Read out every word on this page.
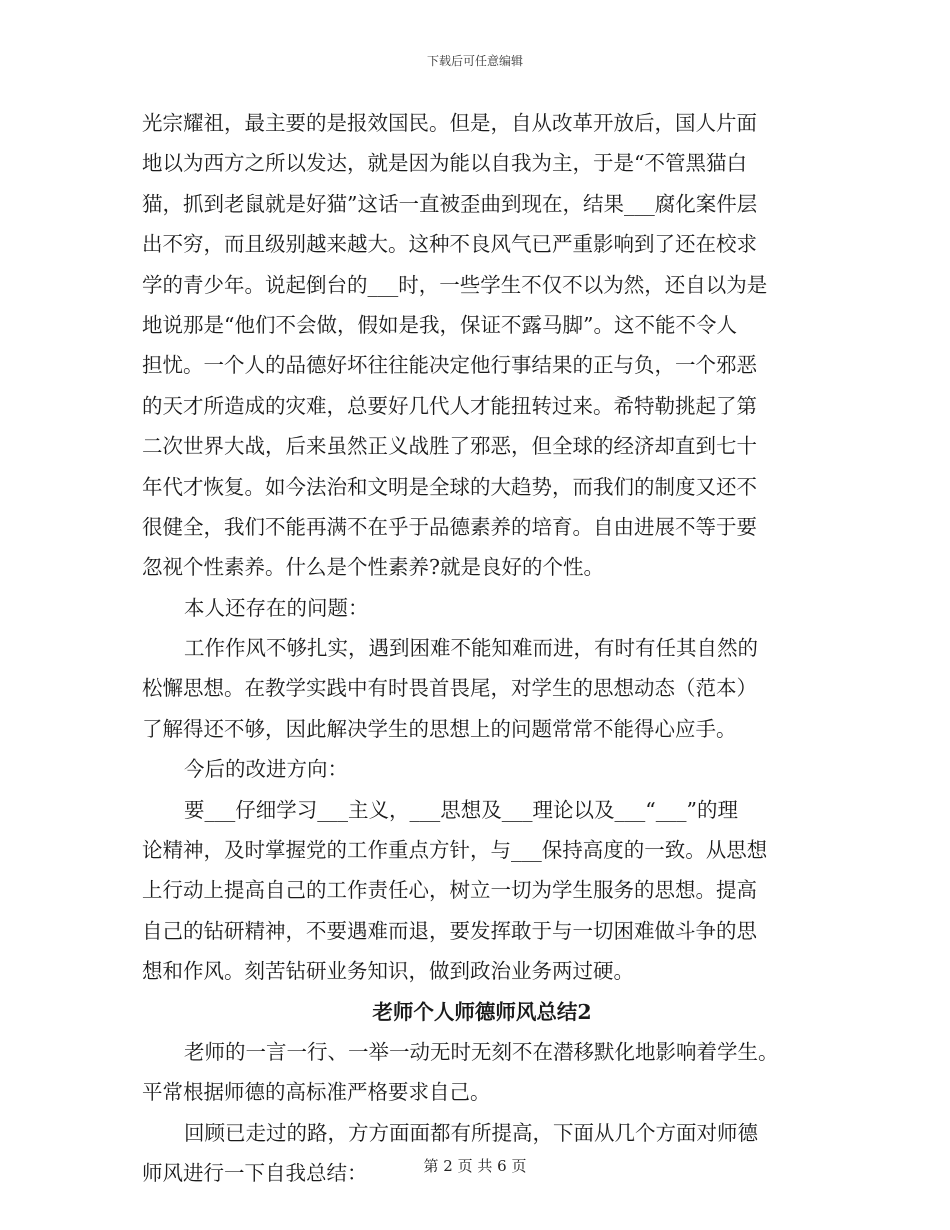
下载后可任意编辑

光宗耀祖，最主要的是报效国民。但是，自从改革开放后，国人片面
地以为西方之所以发达，就是因为能以自我为主，于是“不管黑猫白
猫，抓到老鼠就是好猫”这话一直被歪曲到现在，结果___腐化案件层
出不穷，而且级别越来越大。这种不良风气已严重影响到了还在校求
学的青少年。说起倒台的___时，一些学生不仅不以为然，还自以为是
地说那是“他们不会做，假如是我，保证不露马脚”。这不能不令人
担忧。一个人的品德好坏往往能决定他行事结果的正与负，一个邪恶
的天才所造成的灾难，总要好几代人才能扭转过来。希特勒挑起了第
二次世界大战，后来虽然正义战胜了邪恶，但全球的经济却直到七十
年代才恢复。如今法治和文明是全球的大趋势，而我们的制度又还不
很健全，我们不能再满不在乎于品德素养的培育。自由进展不等于要
忽视个性素养。什么是个性素养?就是良好的个性。

本人还存在的问题：

工作作风不够扎实，遇到困难不能知难而进，有时有任其自然的
松懈思想。在教学实践中有时畏首畏尾，对学生的思想动态（范本）
了解得还不够，因此解决学生的思想上的问题常常不能得心应手。

今后的改进方向：

要___仔细学习___主义，___思想及___理论以及___“___”的理
论精神，及时掌握党的工作重点方针，与___保持高度的一致。从思想
上行动上提高自己的工作责任心，树立一切为学生服务的思想。提高
自己的钻研精神，不要遇难而退，要发挥敢于与一切困难做斗争的思
想和作风。刻苦钻研业务知识，做到政治业务两过硬。

老师个人师德师风总结2

老师的一言一行、一举一动无时无刻不在潜移默化地影响着学生。
平常根据师德的高标准严格要求自己。

回顾已走过的路，方方面面都有所提高，下面从几个方面对师德
师风进行一下自我总结：	第 2 页 共 6 页
